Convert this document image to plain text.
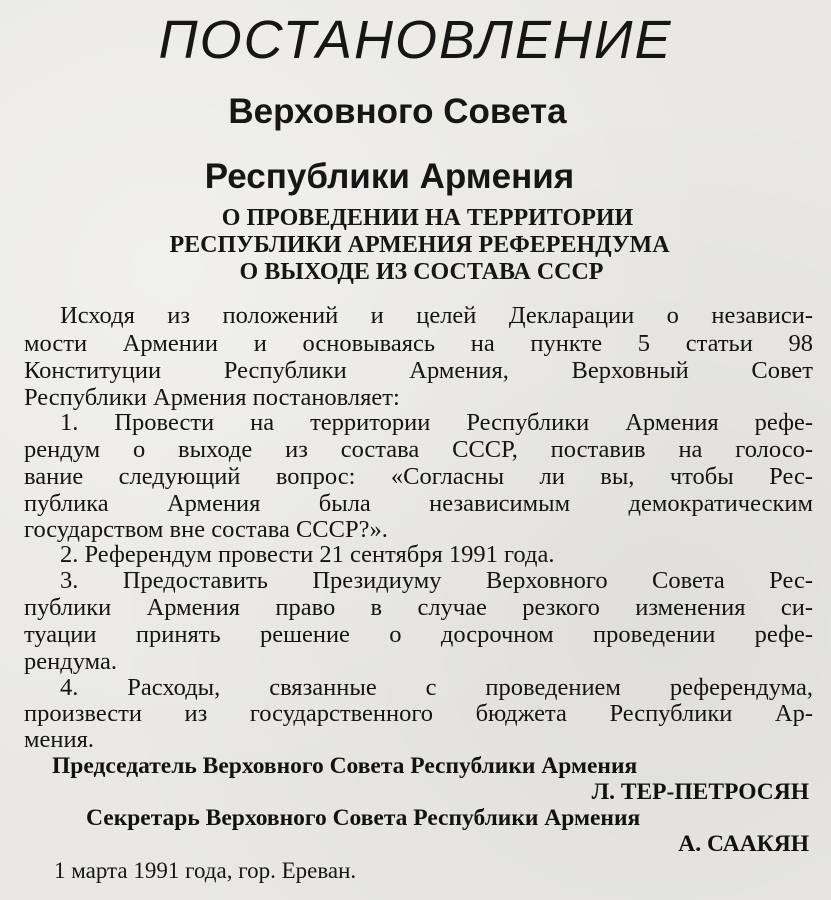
ПОСТАНОВЛЕНИЕ
Верховного Совета
Республики Армения
О ПРОВЕДЕНИИ НА ТЕРРИТОРИИ
РЕСПУБЛИКИ АРМЕНИЯ РЕФЕРЕНДУМА
О ВЫХОДЕ ИЗ СОСТАВА СССР
Исходя из положений и целей Декларации о независи-
мости Армении и основываясь на пункте 5 статьи 98
Конституции Республики Армения, Верховный Совет
Республики Армения постановляет:
1. Провести на территории Республики Армения рефе-
рендум о выходе из состава СССР, поставив на голосо-
вание следующий вопрос: «Согласны ли вы, чтобы Рес-
публика Армения была независимым демократическим
государством вне состава СССР?».
2. Референдум провести 21 сентября 1991 года.
3. Предоставить Президиуму Верховного Совета Рес-
публики Армения право в случае резкого изменения си-
туации принять решение о досрочном проведении рефе-
рендума.
4. Расходы, связанные с проведением референдума,
произвести из государственного бюджета Республики Ар-
мения.
Председатель Верховного Совета Республики Армения
Л. ТЕР-ПЕТРОСЯН
Секретарь Верховного Совета Республики Армения
А. СААКЯН
1 марта 1991 года, гор. Ереван.
